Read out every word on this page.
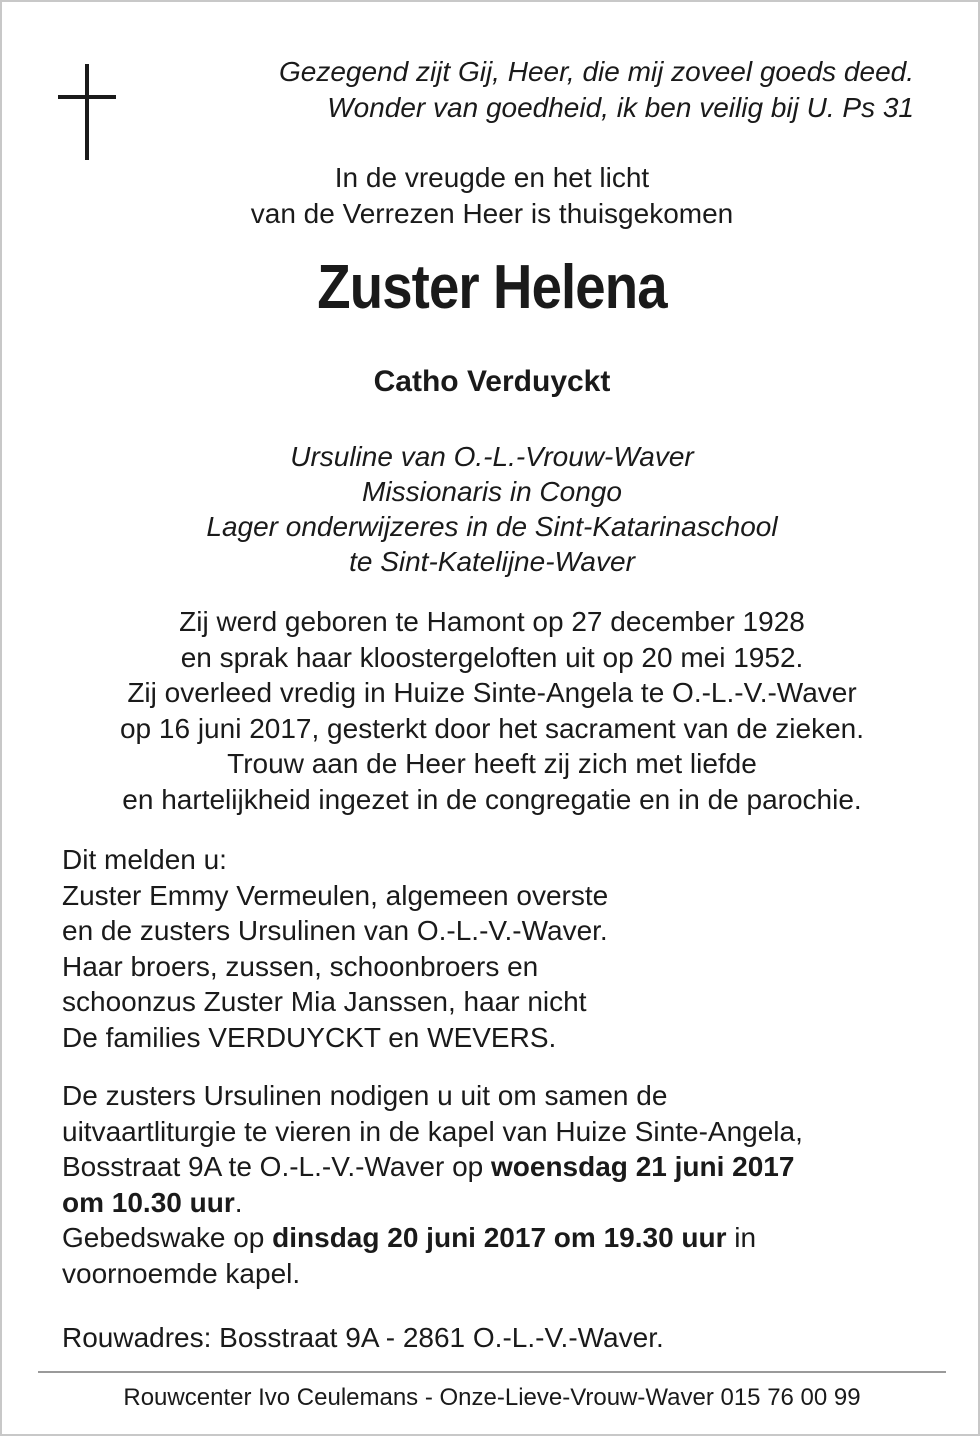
Gezegend zijt Gij, Heer, die mij zoveel goeds deed.
Wonder van goedheid, ik ben veilig bij U. Ps 31
In de vreugde en het licht
van de Verrezen Heer is thuisgekomen
Zuster Helena
Catho Verduyckt
Ursuline van O.-L.-Vrouw-Waver
Missionaris in Congo
Lager onderwijzeres in de Sint-Katarinaschool
te Sint-Katelijne-Waver
Zij werd geboren te Hamont op 27 december 1928
en sprak haar kloostergeloften uit op 20 mei 1952.
Zij overleed vredig in Huize Sinte-Angela te O.-L.-V.-Waver
op 16 juni 2017, gesterkt door het sacrament van de zieken.
Trouw aan de Heer heeft zij zich met liefde
en hartelijkheid ingezet in de congregatie en in de parochie.
Dit melden u:
Zuster Emmy Vermeulen, algemeen overste
en de zusters Ursulinen van O.-L.-V.-Waver.
Haar broers, zussen, schoonbroers en
schoonzus Zuster Mia Janssen, haar nicht
De families VERDUYCKT en WEVERS.
De zusters Ursulinen nodigen u uit om samen de
uitvaartliturgie te vieren in de kapel van Huize Sinte-Angela,
Bosstraat 9A te O.-L.-V.-Waver op woensdag 21 juni 2017
om 10.30 uur.
Gebedswake op dinsdag 20 juni 2017 om 19.30 uur in
voornoemde kapel.
Rouwadres: Bosstraat 9A - 2861 O.-L.-V.-Waver.
Rouwcenter Ivo Ceulemans - Onze-Lieve-Vrouw-Waver 015 76 00 99
